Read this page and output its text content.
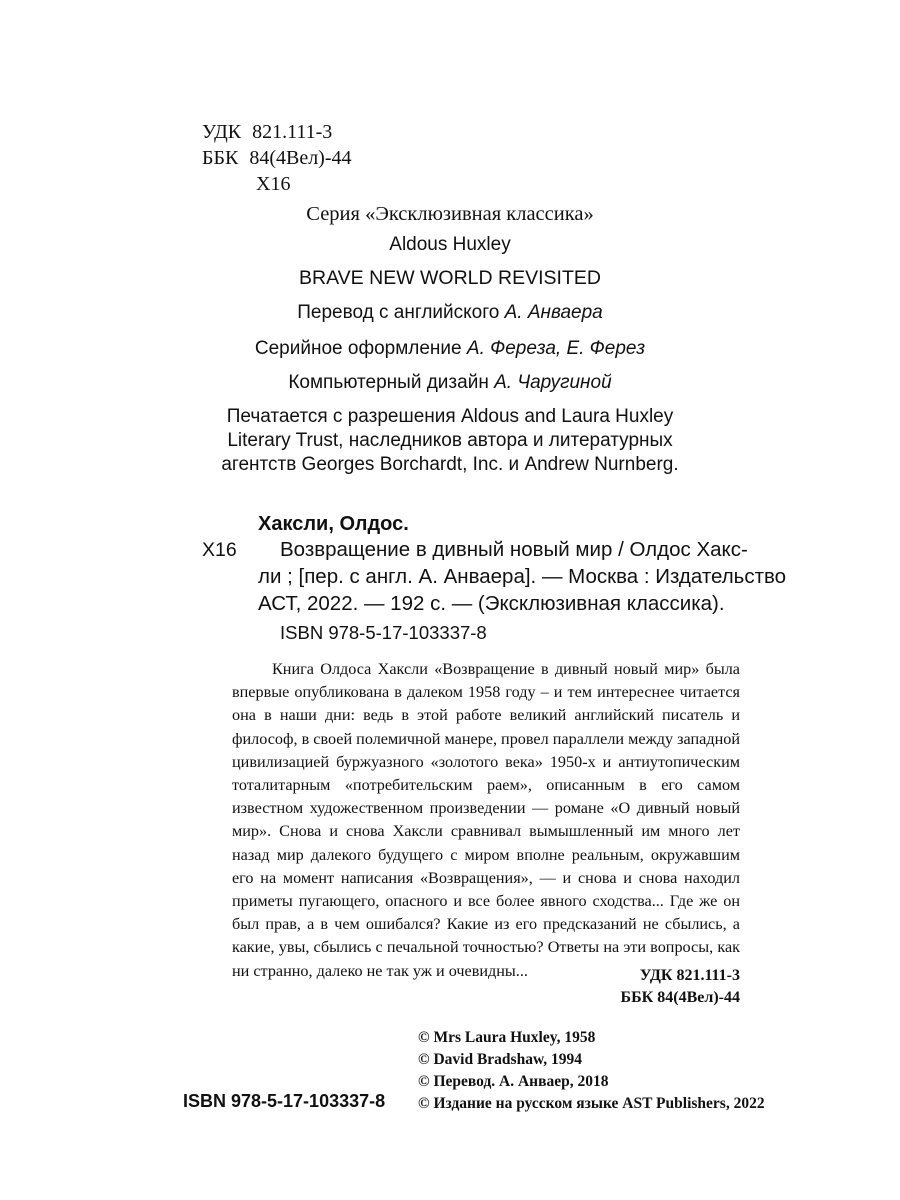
УДК 821.111-3
ББК 84(4Вел)-44
Х16
Серия «Эксклюзивная классика»
Aldous Huxley
BRAVE NEW WORLD REVISITED
Перевод с английского А. Анваера
Серийное оформление А. Фереза, Е. Ферез
Компьютерный дизайн А. Чаругиной
Печатается с разрешения Aldous and Laura Huxley
Literary Trust, наследников автора и литературных
агентств Georges Borchardt, Inc. и Andrew Nurnberg.
Хаксли, Олдос.
Х16 Возвращение в дивный новый мир / Олдос Хакс-
ли ; [пер. с англ. А. Анваера]. — Москва : Издательство
АСТ, 2022. — 192 с. — (Эксклюзивная классика).
ISBN 978-5-17-103337-8
Книга Олдоса Хаксли «Возвращение в дивный новый мир» была впервые опубликована в далеком 1958 году – и тем интереснее читается она в наши дни: ведь в этой работе великий английский писатель и философ, в своей полемичной манере, провел параллели между западной цивилизацией буржуазного «золотого века» 1950-х и антиутопическим тоталитарным «потребительским раем», описанным в его самом известном художественном произведении — романе «О дивный новый мир». Снова и снова Хаксли сравнивал вымышленный им много лет назад мир далекого будущего с миром вполне реальным, окружавшим его на момент написания «Возвращения», — и снова и снова находил приметы пугающего, опасного и все более явного сходства... Где же он был прав, а в чем ошибался? Какие из его предсказаний не сбылись, а какие, увы, сбылись с печальной точностью? Ответы на эти вопросы, как ни странно, далеко не так уж и очевидны...	УДК 821.111-3
ББК 84(4Вел)-44
© Mrs Laura Huxley, 1958
© David Bradshaw, 1994
© Перевод. А. Анваер, 2018
© Издание на русском языке AST Publishers, 2022
ISBN 978-5-17-103337-8
